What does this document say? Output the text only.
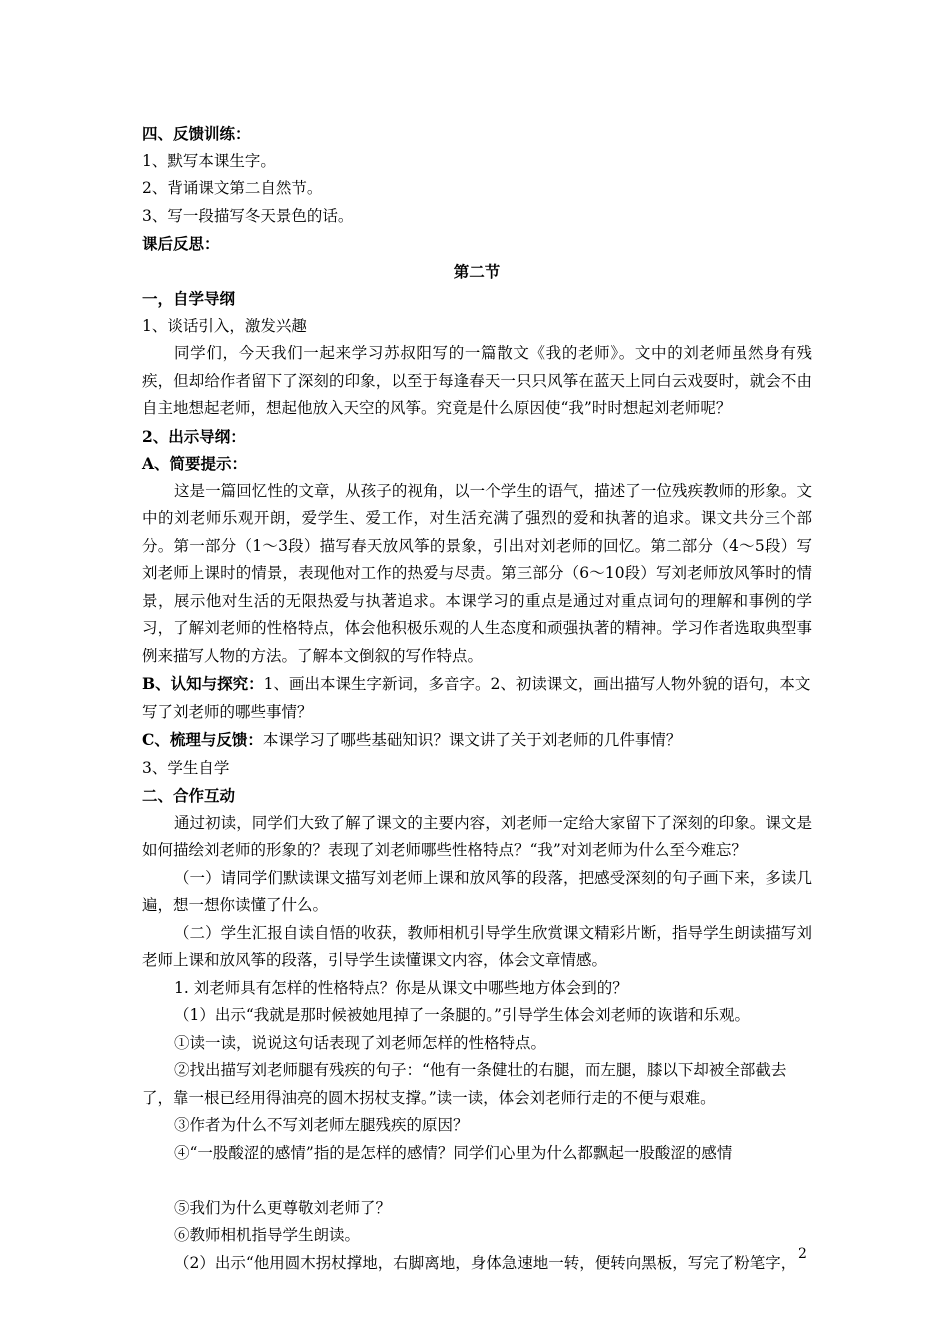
四、反馈训练：
1、默写本课生字。
2、背诵课文第二自然节。
3、写一段描写冬天景色的话。
课后反思：
第二节
一，自学导纲
1、谈话引入，激发兴趣

同学们，今天我们一起来学习苏叔阳写的一篇散文《我的老师》。文中的刘老师虽然身有残疾，但却给作者留下了深刻的印象，以至于每逢春天一只只风筝在蓝天上同白云戏耍时，就会不由自主地想起老师，想起他放入天空的风筝。究竟是什么原因使“我”时时想起刘老师呢？

2、出示导纲：
A、简要提示：

这是一篇回忆性的文章，从孩子的视角，以一个学生的语气，描述了一位残疾教师的形象。文中的刘老师乐观开朗，爱学生、爱工作，对生活充满了强烈的爱和执著的追求。课文共分三个部分。第一部分（1～3段）描写春天放风筝的景象，引出对刘老师的回忆。第二部分（4～5段）写刘老师上课时的情景，表现他对工作的热爱与尽责。第三部分（6～10段）写刘老师放风筝时的情景，展示他对生活的无限热爱与执著追求。本课学习的重点是通过对重点词句的理解和事例的学习，了解刘老师的性格特点，体会他积极乐观的人生态度和顽强执著的精神。学习作者选取典型事例来描写人物的方法。了解本文倒叙的写作特点。

B、认知与探究：1、画出本课生字新词，多音字。2、初读课文，画出描写人物外貌的语句，本文写了刘老师的哪些事情？

C、梳理与反馈：本课学习了哪些基础知识？课文讲了关于刘老师的几件事情？

3、学生自学
二、合作互动

通过初读，同学们大致了解了课文的主要内容，刘老师一定给大家留下了深刻的印象。课文是如何描绘刘老师的形象的？表现了刘老师哪些性格特点？“我”对刘老师为什么至今难忘？

（一）请同学们默读课文描写刘老师上课和放风筝的段落，把感受深刻的句子画下来，多读几遍，想一想你读懂了什么。

（二）学生汇报自读自悟的收获，教师相机引导学生欣赏课文精彩片断，指导学生朗读描写刘老师上课和放风筝的段落，引导学生读懂课文内容，体会文章情感。

1. 刘老师具有怎样的性格特点？你是从课文中哪些地方体会到的？

（1）出示“我就是那时候被她甩掉了一条腿的。”引导学生体会刘老师的诙谐和乐观。

①读一读，说说这句话表现了刘老师怎样的性格特点。

②找出描写刘老师腿有残疾的句子：“他有一条健壮的右腿，而左腿，膝以下却被全部截去了，靠一根已经用得油亮的圆木拐杖支撑。”读一读，体会刘老师行走的不便与艰难。

③作者为什么不写刘老师左腿残疾的原因？

④“一股酸涩的感情”指的是怎样的感情？同学们心里为什么都飘起一股酸涩的感情

⑤我们为什么更尊敬刘老师了？

⑥教师相机指导学生朗读。

（2）出示“他用圆木拐杖撑地，右脚离地，身体急速地一转，便转向黑板，写完了粉笔字， 2
